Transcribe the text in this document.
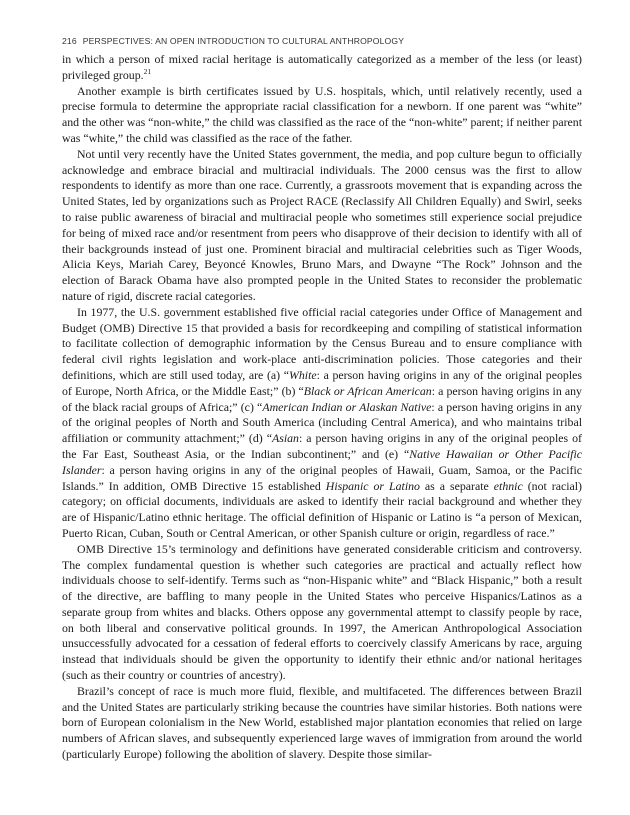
216 PERSPECTIVES: AN OPEN INTRODUCTION TO CULTURAL ANTHROPOLOGY

in which a person of mixed racial heritage is automatically categorized as a member of the less (or least) privileged group.$^{21}$

Another example is birth certificates issued by U.S. hospitals, which, until relatively recently, used a precise formula to determine the appropriate racial classification for a newborn. If one parent was “white” and the other was “non-white,” the child was classified as the race of the “non-white” parent; if neither parent was “white,” the child was classified as the race of the father.

Not until very recently have the United States government, the media, and pop culture begun to officially acknowledge and embrace biracial and multiracial individuals. The 2000 census was the first to allow respondents to identify as more than one race. Currently, a grassroots movement that is expanding across the United States, led by organizations such as Project RACE (Reclassify All Children Equally) and Swirl, seeks to raise public awareness of biracial and multiracial people who sometimes still experience social prejudice for being of mixed race and/or resentment from peers who disapprove of their decision to identify with all of their backgrounds instead of just one. Prominent biracial and multiracial celebrities such as Tiger Woods, Alicia Keys, Mariah Carey, Beyoncé Knowles, Bruno Mars, and Dwayne “The Rock” Johnson and the election of Barack Obama have also prompted people in the United States to reconsider the problematic nature of rigid, discrete racial categories.

In 1977, the U.S. government established five official racial categories under Office of Management and Budget (OMB) Directive 15 that provided a basis for recordkeeping and compiling of statistical information to facilitate collection of demographic information by the Census Bureau and to ensure compliance with federal civil rights legislation and work-place anti-discrimination policies. Those categories and their definitions, which are still used today, are (a) “White: a person having origins in any of the original peoples of Europe, North Africa, or the Middle East;” (b) “Black or African American: a person having origins in any of the black racial groups of Africa;” (c) “American Indian or Alaskan Native: a person having origins in any of the original peoples of North and South America (including Central America), and who maintains tribal affiliation or community attachment;” (d) “Asian: a person having origins in any of the original peoples of the Far East, Southeast Asia, or the Indian subcontinent;” and (e) “Native Hawaiian or Other Pacific Islander: a person having origins in any of the original peoples of Hawaii, Guam, Samoa, or the Pacific Islands.” In addition, OMB Directive 15 established Hispanic or Latino as a separate ethnic (not racial) category; on official documents, individuals are asked to identify their racial background and whether they are of Hispanic/Latino ethnic heritage. The official definition of Hispanic or Latino is “a person of Mexican, Puerto Rican, Cuban, South or Central American, or other Spanish culture or origin, regardless of race.”

OMB Directive 15’s terminology and definitions have generated considerable criticism and controversy. The complex fundamental question is whether such categories are practical and actually reflect how individuals choose to self-identify. Terms such as “non-Hispanic white” and “Black Hispanic,” both a result of the directive, are baffling to many people in the United States who perceive Hispanics/Latinos as a separate group from whites and blacks. Others oppose any governmental attempt to classify people by race, on both liberal and conservative political grounds. In 1997, the American Anthropological Association unsuccessfully advocated for a cessation of federal efforts to coercively classify Americans by race, arguing instead that individuals should be given the opportunity to identify their ethnic and/or national heritages (such as their country or countries of ancestry).

Brazil’s concept of race is much more fluid, flexible, and multifaceted. The differences between Brazil and the United States are particularly striking because the countries have similar histories. Both nations were born of European colonialism in the New World, established major plantation economies that relied on large numbers of African slaves, and subsequently experienced large waves of immigration from around the world (particularly Europe) following the abolition of slavery. Despite those similar-
